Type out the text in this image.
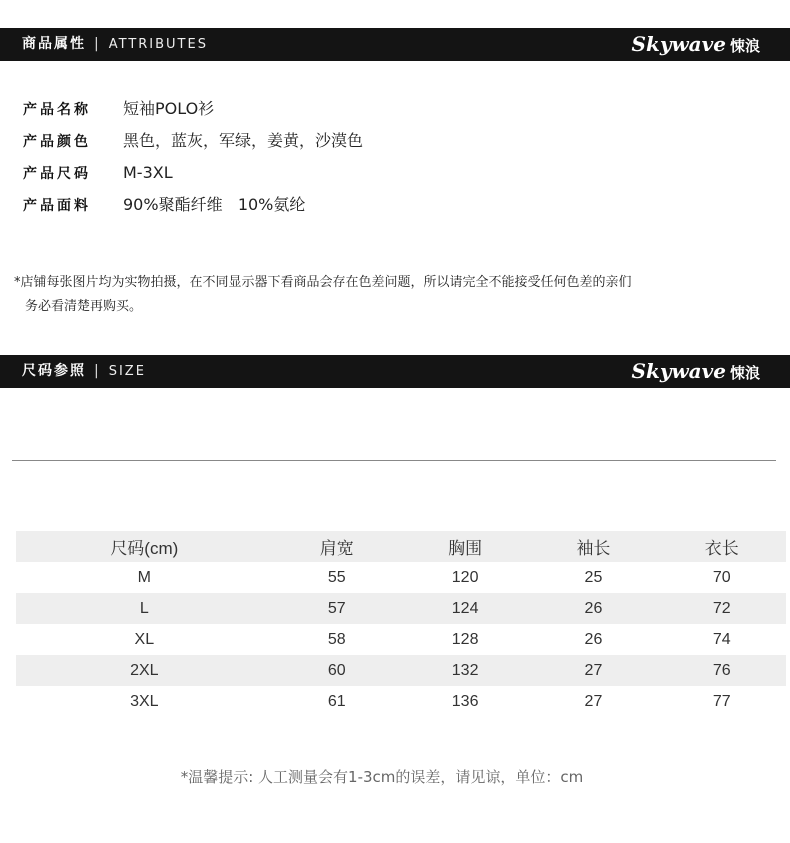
商品属性 | ATTRIBUTES	Skywave 悚浪
产品名称 短袖POLO衫
产品颜色 黑色，蓝灰，军绿，姜黄，沙漠色
产品尺码 M-3XL
产品面料 90%聚酯纤维   10%氨纶
*店铺每张图片均为实物拍摄，在不同显示器下看商品会存在色差问题，所以请完全不能接受任何色差的亲们
务必看清楚再购买。
尺码参照 | SIZE	Skywave 悚浪
尺码(cm)	肩宽	胸围	袖长	衣长
M	55	120	25	70
L	57	124	26	72
XL	58	128	26	74
2XL	60	132	27	76
3XL	61	136	27	77
*温馨提示: 人工测量会有1-3cm的误差，请见谅，单位：cm
